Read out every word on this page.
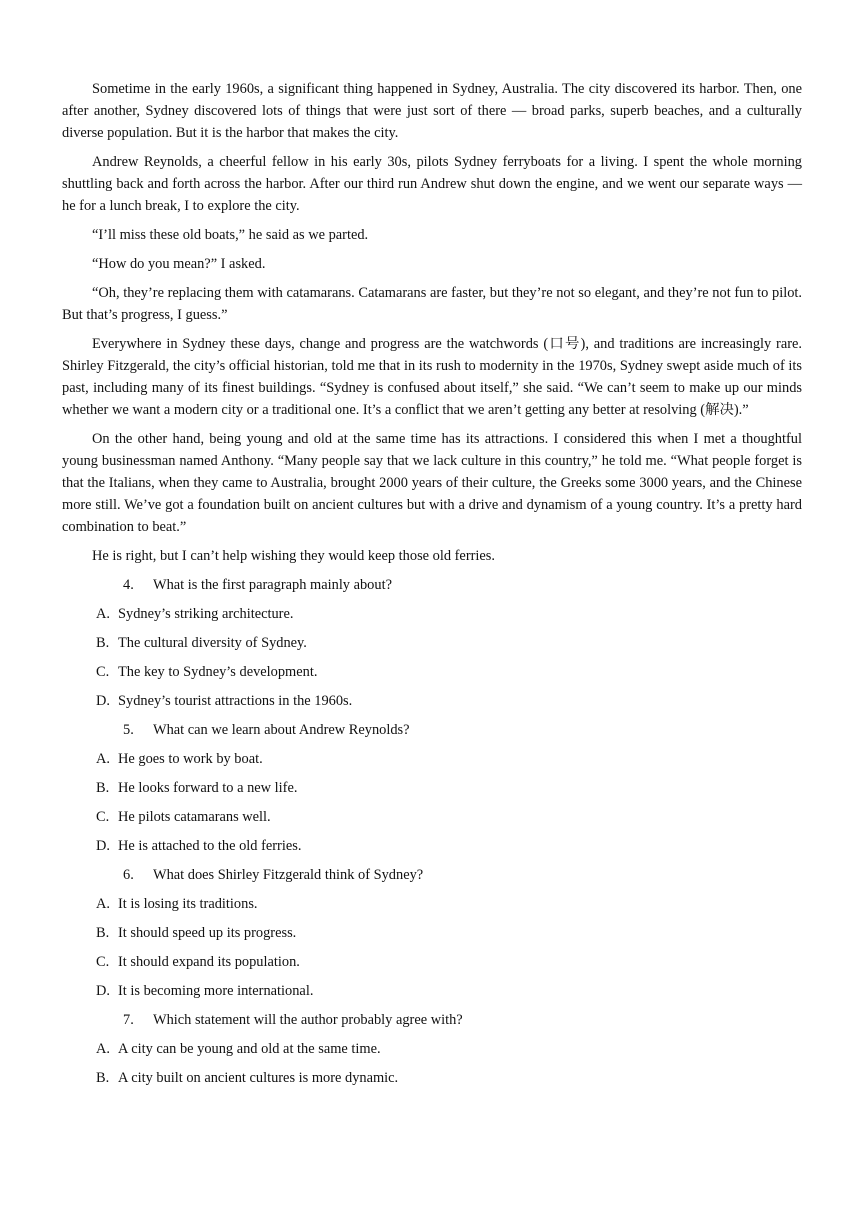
Sometime in the early 1960s, a significant thing happened in Sydney, Australia. The city discovered its harbor. Then, one after another, Sydney discovered lots of things that were just sort of there — broad parks, superb beaches, and a culturally diverse population. But it is the harbor that makes the city.

Andrew Reynolds, a cheerful fellow in his early 30s, pilots Sydney ferryboats for a living. I spent the whole morning shuttling back and forth across the harbor. After our third run Andrew shut down the engine, and we went our separate ways — he for a lunch break, I to explore the city.

“I’ll miss these old boats,” he said as we parted.

“How do you mean?” I asked.

“Oh, they’re replacing them with catamarans. Catamarans are faster, but they’re not so elegant, and they’re not fun to pilot. But that’s progress, I guess.”

Everywhere in Sydney these days, change and progress are the watchwords (口号), and traditions are increasingly rare. Shirley Fitzgerald, the city’s official historian, told me that in its rush to modernity in the 1970s, Sydney swept aside much of its past, including many of its finest buildings. “Sydney is confused about itself,” she said. “We can’t seem to make up our minds whether we want a modern city or a traditional one. It’s a conflict that we aren’t getting any better at resolving (解决).”

On the other hand, being young and old at the same time has its attractions. I considered this when I met a thoughtful young businessman named Anthony. “Many people say that we lack culture in this country,” he told me. “What people forget is that the Italians, when they came to Australia, brought 2000 years of their culture, the Greeks some 3000 years, and the Chinese more still. We’ve got a foundation built on ancient cultures but with a drive and dynamism of a young country. It’s a pretty hard combination to beat.”

He is right, but I can’t help wishing they would keep those old ferries.

4. What is the first paragraph mainly about?

A. Sydney’s striking architecture.

B. The cultural diversity of Sydney.

C. The key to Sydney’s development.

D. Sydney’s tourist attractions in the 1960s.

5. What can we learn about Andrew Reynolds?

A. He goes to work by boat.

B. He looks forward to a new life.

C. He pilots catamarans well.

D. He is attached to the old ferries.

6. What does Shirley Fitzgerald think of Sydney?

A. It is losing its traditions.

B. It should speed up its progress.

C. It should expand its population.

D. It is becoming more international.

7. Which statement will the author probably agree with?

A. A city can be young and old at the same time.

B. A city built on ancient cultures is more dynamic.
